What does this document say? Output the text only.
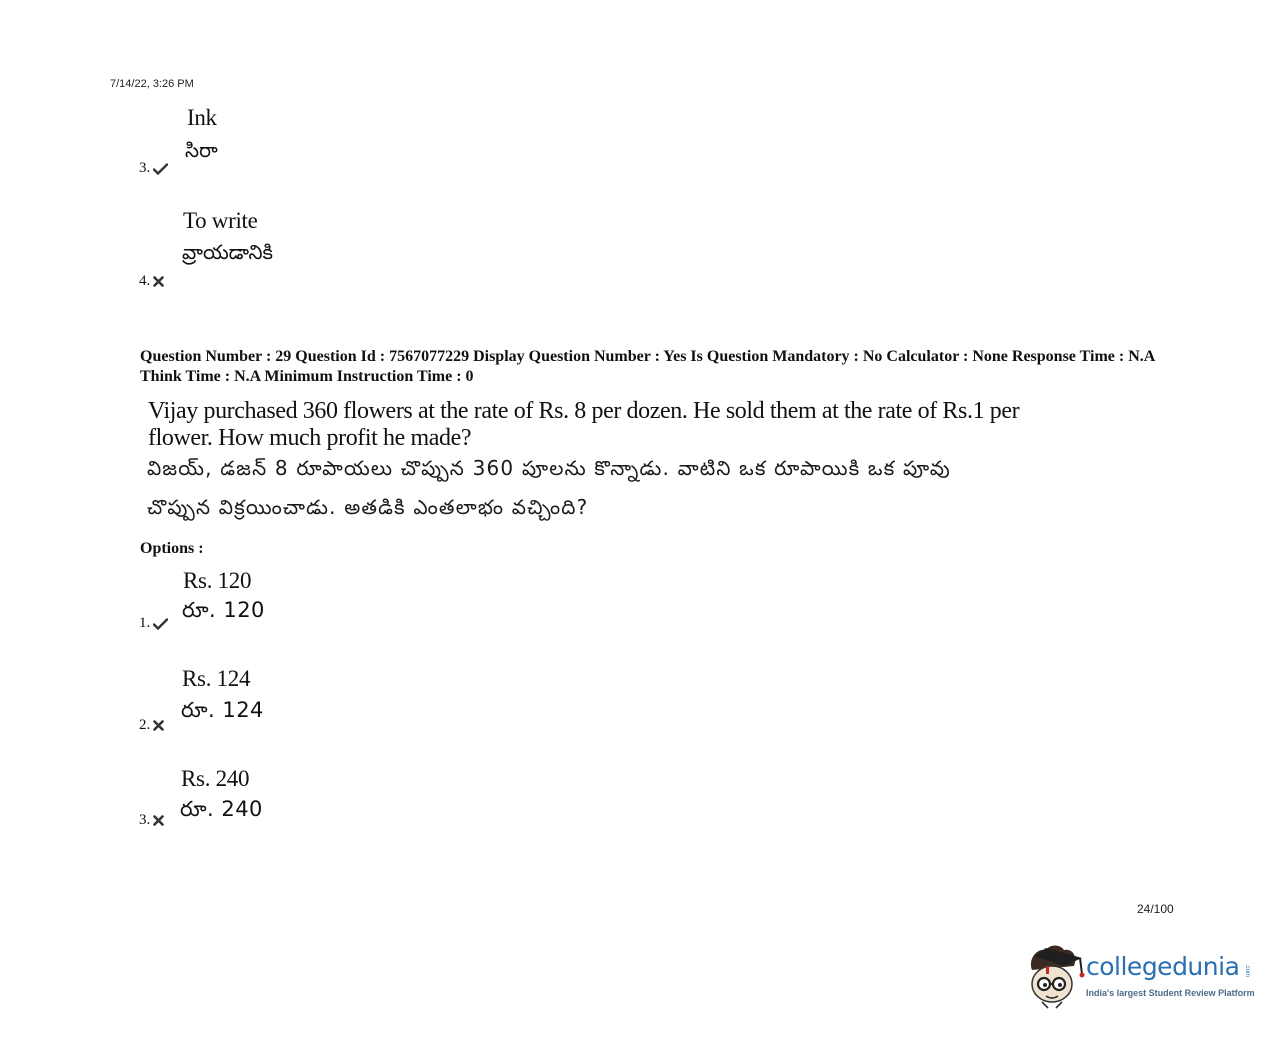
7/14/22, 3:26 PM
Ink
సిరా
3.
To write
వ్రాయడానికి
4.
Question Number : 29 Question Id : 7567077229 Display Question Number : Yes Is Question Mandatory : No Calculator : None Response Time : N.A Think Time : N.A Minimum Instruction Time : 0
Vijay purchased 360 flowers at the rate of Rs. 8 per dozen. He sold them at the rate of Rs.1 per flower. How much profit he made?
విజయ్, డజన్ 8 రూపాయలు చొప్పున 360 పూలను కొన్నాడు. వాటిని ఒక రూపాయికి ఒక పూవు
చొప్పున విక్రయించాడు. అతడికి ఎంతలాభం వచ్చింది?
Options :
Rs. 120
రూ. 120
1.
Rs. 124
రూ. 124
2.
Rs. 240
రూ. 240
3.
24/100
collegedunia .com
India's largest Student Review Platform
